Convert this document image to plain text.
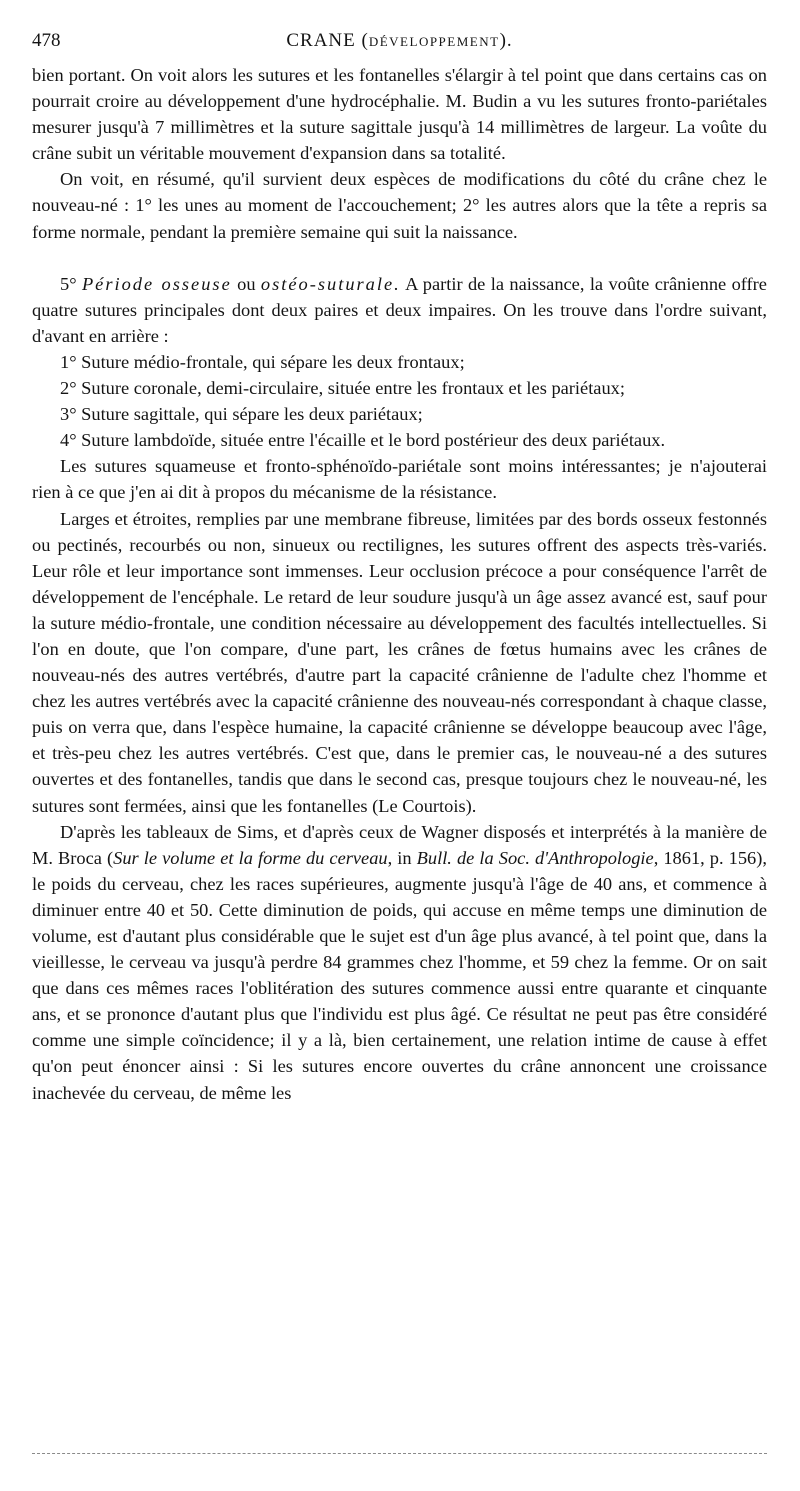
478	CRANE (DÉVELOPPEMENT).

bien portant. On voit alors les sutures et les fontanelles s'élargir à tel point que dans certains cas on pourrait croire au développement d'une hydrocéphalie. M. Budin a vu les sutures fronto-pariétales mesurer jusqu'à 7 millimètres et la suture sagittale jusqu'à 14 millimètres de largeur. La voûte du crâne subit un véritable mouvement d'expansion dans sa totalité.

On voit, en résumé, qu'il survient deux espèces de modifications du côté du crâne chez le nouveau-né : 1° les unes au moment de l'accouchement; 2° les autres alors que la tête a repris sa forme normale, pendant la première semaine qui suit la naissance.

5° Période osseuse ou ostéo-suturale. A partir de la naissance, la voûte crânienne offre quatre sutures principales dont deux paires et deux impaires. On les trouve dans l'ordre suivant, d'avant en arrière :

1° Suture médio-frontale, qui sépare les deux frontaux;

2° Suture coronale, demi-circulaire, située entre les frontaux et les pariétaux;

3° Suture sagittale, qui sépare les deux pariétaux;

4° Suture lambdoïde, située entre l'écaille et le bord postérieur des deux pariétaux.

Les sutures squameuse et fronto-sphénoïdo-pariétale sont moins intéressantes; je n'ajouterai rien à ce que j'en ai dit à propos du mécanisme de la résistance.

Larges et étroites, remplies par une membrane fibreuse, limitées par des bords osseux festonnés ou pectinés, recourbés ou non, sinueux ou rectilignes, les sutures offrent des aspects très-variés. Leur rôle et leur importance sont immenses. Leur occlusion précoce a pour conséquence l'arrêt de développement de l'encéphale. Le retard de leur soudure jusqu'à un âge assez avancé est, sauf pour la suture médio-frontale, une condition nécessaire au développement des facultés intellectuelles. Si l'on en doute, que l'on compare, d'une part, les crânes de fœtus humains avec les crânes de nouveau-nés des autres vertébrés, d'autre part la capacité crânienne de l'adulte chez l'homme et chez les autres vertébrés avec la capacité crânienne des nouveau-nés correspondant à chaque classe, puis on verra que, dans l'espèce humaine, la capacité crânienne se développe beaucoup avec l'âge, et très-peu chez les autres vertébrés. C'est que, dans le premier cas, le nouveau-né a des sutures ouvertes et des fontanelles, tandis que dans le second cas, presque toujours chez le nouveau-né, les sutures sont fermées, ainsi que les fontanelles (Le Courtois).

D'après les tableaux de Sims, et d'après ceux de Wagner disposés et interprétés à la manière de M. Broca (Sur le volume et la forme du cerveau, in Bull. de la Soc. d'Anthropologie, 1861, p. 156), le poids du cerveau, chez les races supérieures, augmente jusqu'à l'âge de 40 ans, et commence à diminuer entre 40 et 50. Cette diminution de poids, qui accuse en même temps une diminution de volume, est d'autant plus considérable que le sujet est d'un âge plus avancé, à tel point que, dans la vieillesse, le cerveau va jusqu'à perdre 84 grammes chez l'homme, et 59 chez la femme. Or on sait que dans ces mêmes races l'oblitération des sutures commence aussi entre quarante et cinquante ans, et se prononce d'autant plus que l'individu est plus âgé. Ce résultat ne peut pas être considéré comme une simple coïncidence; il y a là, bien certainement, une relation intime de cause à effet qu'on peut énoncer ainsi : Si les sutures encore ouvertes du crâne annoncent une croissance inachevée du cerveau, de même les
